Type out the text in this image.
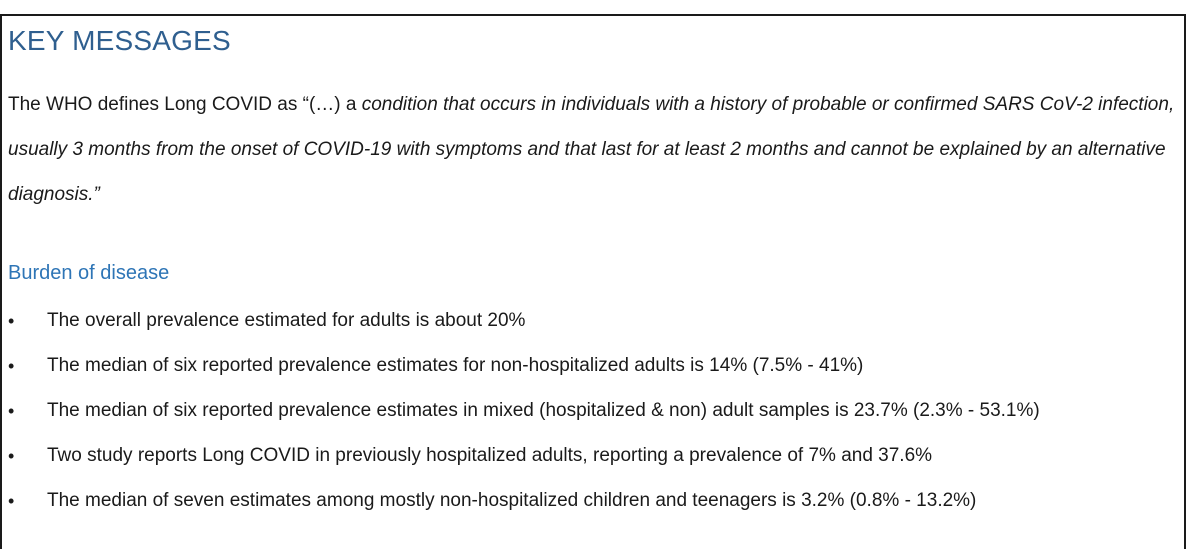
KEY MESSAGES

The WHO defines Long COVID as “(…) a condition that occurs in individuals with a history of probable or confirmed SARS CoV-2 infection, usually 3 months from the onset of COVID-19 with symptoms and that last for at least 2 months and cannot be explained by an alternative diagnosis.”

Burden of disease
•	The overall prevalence estimated for adults is about 20%
•	The median of six reported prevalence estimates for non-hospitalized adults is 14% (7.5% - 41%)
•	The median of six reported prevalence estimates in mixed (hospitalized & non) adult samples is 23.7% (2.3% - 53.1%)
•	Two study reports Long COVID in previously hospitalized adults, reporting a prevalence of 7% and 37.6%
•	The median of seven estimates among mostly non-hospitalized children and teenagers is 3.2% (0.8% - 13.2%)
